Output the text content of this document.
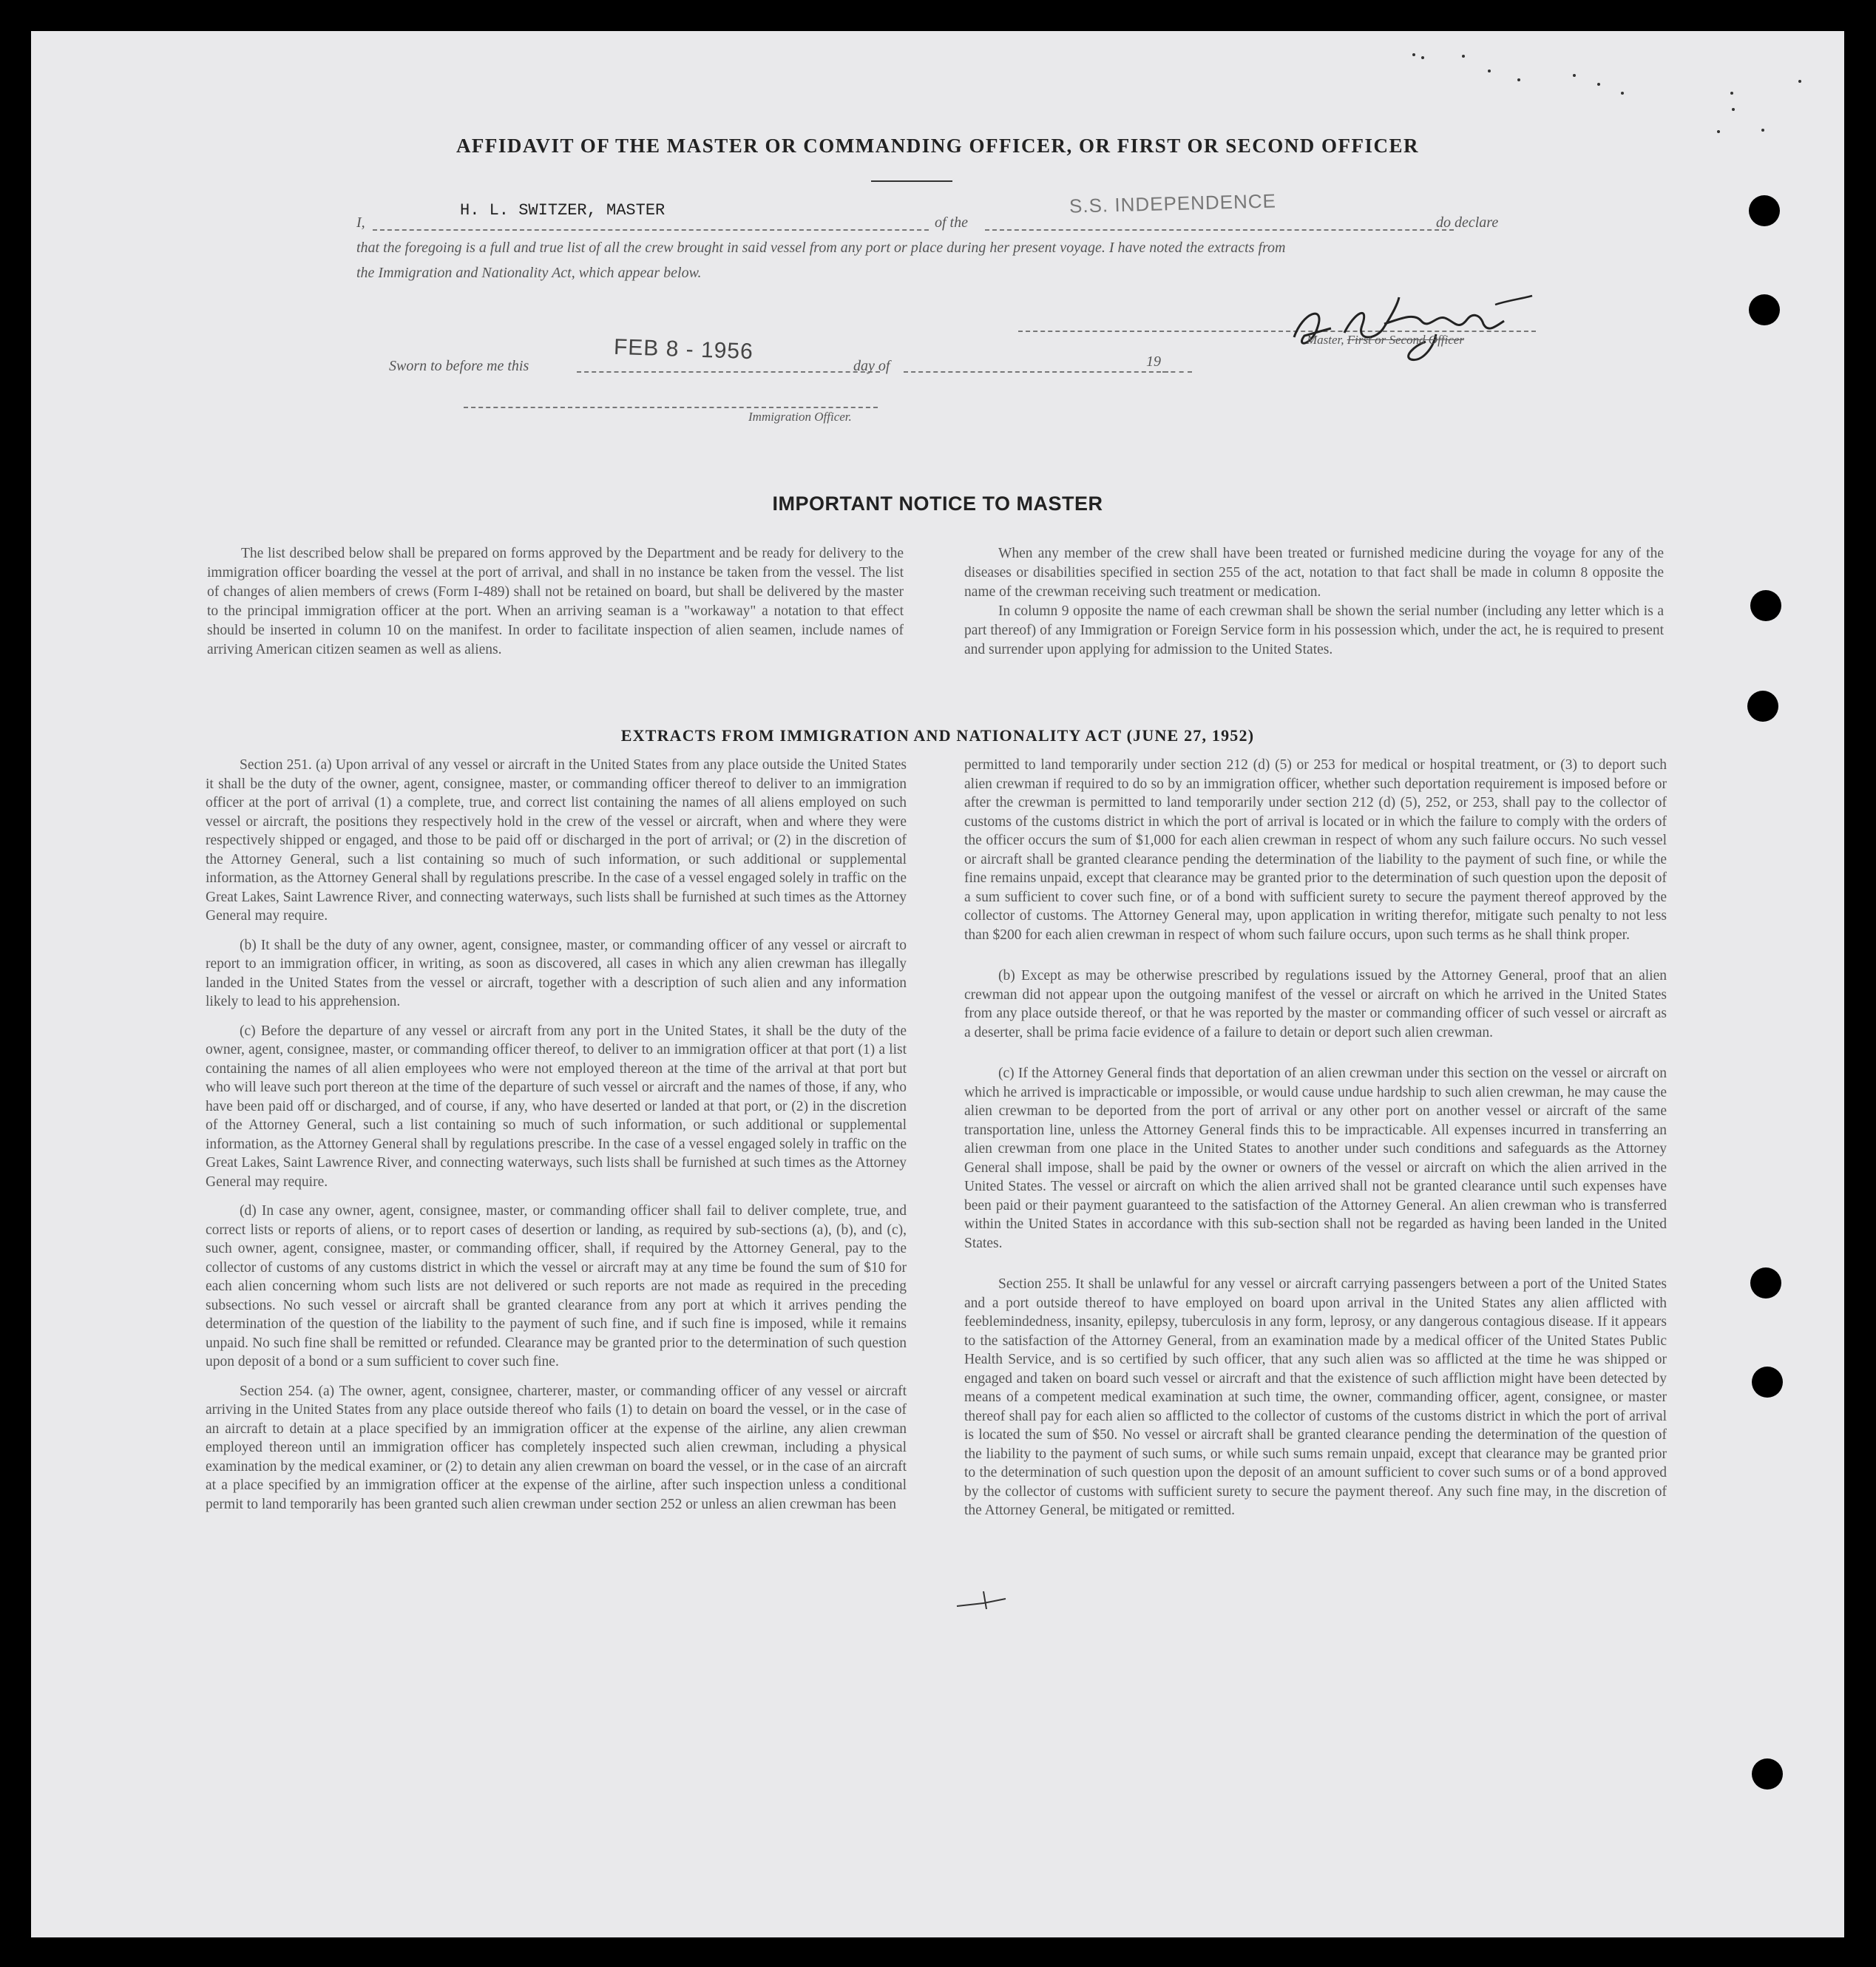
AFFIDAVIT OF THE MASTER OR COMMANDING OFFICER, OR FIRST OR SECOND OFFICER
I,
H. L. SWITZER, MASTER
of the
S.S. INDEPENDENCE
do declare
that the foregoing is a full and true list of all the crew brought in said vessel from any port or place during her present voyage. I have noted the extracts from
the Immigration and Nationality Act, which appear below.
Master, First or Second Officer
Sworn to before me this
FEB 8 - 1956
day of	19
Immigration Officer.
IMPORTANT NOTICE TO MASTER

The list described below shall be prepared on forms approved by the Department and be ready for delivery to the immigration officer boarding the vessel at the port of arrival, and shall in no instance be taken from the vessel. The list of changes of alien members of crews (Form I-489) shall not be retained on board, but shall be delivered by the master to the principal immigration officer at the port. When an arriving seaman is a "workaway" a notation to that effect should be inserted in column 10 on the manifest. In order to facilitate inspection of alien seamen, include names of arriving American citizen seamen as well as aliens.

When any member of the crew shall have been treated or furnished medicine during the voyage for any of the diseases or disabilities specified in section 255 of the act, notation to that fact shall be made in column 8 opposite the name of the crewman receiving such treatment or medication.

In column 9 opposite the name of each crewman shall be shown the serial number (including any letter which is a part thereof) of any Immigration or Foreign Service form in his possession which, under the act, he is required to present and surrender upon applying for admission to the United States.

EXTRACTS FROM IMMIGRATION AND NATIONALITY ACT (JUNE 27, 1952)

Section 251. (a) Upon arrival of any vessel or aircraft in the United States from any place outside the United States it shall be the duty of the owner, agent, consignee, master, or commanding officer thereof to deliver to an immigration officer at the port of arrival (1) a complete, true, and correct list containing the names of all aliens employed on such vessel or aircraft, the positions they respectively hold in the crew of the vessel or aircraft, when and where they were respectively shipped or engaged, and those to be paid off or discharged in the port of arrival; or (2) in the discretion of the Attorney General, such a list containing so much of such information, or such additional or supplemental information, as the Attorney General shall by regulations prescribe. In the case of a vessel engaged solely in traffic on the Great Lakes, Saint Lawrence River, and connecting waterways, such lists shall be furnished at such times as the Attorney General may require.

(b) It shall be the duty of any owner, agent, consignee, master, or commanding officer of any vessel or aircraft to report to an immigration officer, in writing, as soon as discovered, all cases in which any alien crewman has illegally landed in the United States from the vessel or aircraft, together with a description of such alien and any information likely to lead to his apprehension.

(c) Before the departure of any vessel or aircraft from any port in the United States, it shall be the duty of the owner, agent, consignee, master, or commanding officer thereof, to deliver to an immigration officer at that port (1) a list containing the names of all alien employees who were not employed thereon at the time of the arrival at that port but who will leave such port thereon at the time of the departure of such vessel or aircraft and the names of those, if any, who have been paid off or discharged, and of course, if any, who have deserted or landed at that port, or (2) in the discretion of the Attorney General, such a list containing so much of such information, or such additional or supplemental information, as the Attorney General shall by regulations prescribe. In the case of a vessel engaged solely in traffic on the Great Lakes, Saint Lawrence River, and connecting waterways, such lists shall be furnished at such times as the Attorney General may require.

(d) In case any owner, agent, consignee, master, or commanding officer shall fail to deliver complete, true, and correct lists or reports of aliens, or to report cases of desertion or landing, as required by sub-sections (a), (b), and (c), such owner, agent, consignee, master, or commanding officer, shall, if required by the Attorney General, pay to the collector of customs of any customs district in which the vessel or aircraft may at any time be found the sum of $10 for each alien concerning whom such lists are not delivered or such reports are not made as required in the preceding subsections. No such vessel or aircraft shall be granted clearance from any port at which it arrives pending the determination of the question of the liability to the payment of such fine, and if such fine is imposed, while it remains unpaid. No such fine shall be remitted or refunded. Clearance may be granted prior to the determination of such question upon deposit of a bond or a sum sufficient to cover such fine.

Section 254. (a) The owner, agent, consignee, charterer, master, or commanding officer of any vessel or aircraft arriving in the United States from any place outside thereof who fails (1) to detain on board the vessel, or in the case of an aircraft to detain at a place specified by an immigration officer at the expense of the airline, any alien crewman employed thereon until an immigration officer has completely inspected such alien crewman, including a physical examination by the medical examiner, or (2) to detain any alien crewman on board the vessel, or in the case of an aircraft at a place specified by an immigration officer at the expense of the airline, after such inspection unless a conditional permit to land temporarily has been granted such alien crewman under section 252 or unless an alien crewman has been

permitted to land temporarily under section 212 (d) (5) or 253 for medical or hospital treatment, or (3) to deport such alien crewman if required to do so by an immigration officer, whether such deportation requirement is imposed before or after the crewman is permitted to land temporarily under section 212 (d) (5), 252, or 253, shall pay to the collector of customs of the customs district in which the port of arrival is located or in which the failure to comply with the orders of the officer occurs the sum of $1,000 for each alien crewman in respect of whom any such failure occurs. No such vessel or aircraft shall be granted clearance pending the determination of the liability to the payment of such fine, or while the fine remains unpaid, except that clearance may be granted prior to the determination of such question upon the deposit of a sum sufficient to cover such fine, or of a bond with sufficient surety to secure the payment thereof approved by the collector of customs. The Attorney General may, upon application in writing therefor, mitigate such penalty to not less than $200 for each alien crewman in respect of whom such failure occurs, upon such terms as he shall think proper.

(b) Except as may be otherwise prescribed by regulations issued by the Attorney General, proof that an alien crewman did not appear upon the outgoing manifest of the vessel or aircraft on which he arrived in the United States from any place outside thereof, or that he was reported by the master or commanding officer of such vessel or aircraft as a deserter, shall be prima facie evidence of a failure to detain or deport such alien crewman.

(c) If the Attorney General finds that deportation of an alien crewman under this section on the vessel or aircraft on which he arrived is impracticable or impossible, or would cause undue hardship to such alien crewman, he may cause the alien crewman to be deported from the port of arrival or any other port on another vessel or aircraft of the same transportation line, unless the Attorney General finds this to be impracticable. All expenses incurred in transferring an alien crewman from one place in the United States to another under such conditions and safeguards as the Attorney General shall impose, shall be paid by the owner or owners of the vessel or aircraft on which the alien arrived in the United States. The vessel or aircraft on which the alien arrived shall not be granted clearance until such expenses have been paid or their payment guaranteed to the satisfaction of the Attorney General. An alien crewman who is transferred within the United States in accordance with this sub-section shall not be regarded as having been landed in the United States.

Section 255. It shall be unlawful for any vessel or aircraft carrying passengers between a port of the United States and a port outside thereof to have employed on board upon arrival in the United States any alien afflicted with feeblemindedness, insanity, epilepsy, tuberculosis in any form, leprosy, or any dangerous contagious disease. If it appears to the satisfaction of the Attorney General, from an examination made by a medical officer of the United States Public Health Service, and is so certified by such officer, that any such alien was so afflicted at the time he was shipped or engaged and taken on board such vessel or aircraft and that the existence of such affliction might have been detected by means of a competent medical examination at such time, the owner, commanding officer, agent, consignee, or master thereof shall pay for each alien so afflicted to the collector of customs of the customs district in which the port of arrival is located the sum of $50. No vessel or aircraft shall be granted clearance pending the determination of the question of the liability to the payment of such sums, or while such sums remain unpaid, except that clearance may be granted prior to the determination of such question upon the deposit of an amount sufficient to cover such sums or of a bond approved by the collector of customs with sufficient surety to secure the payment thereof. Any such fine may, in the discretion of the Attorney General, be mitigated or remitted.
